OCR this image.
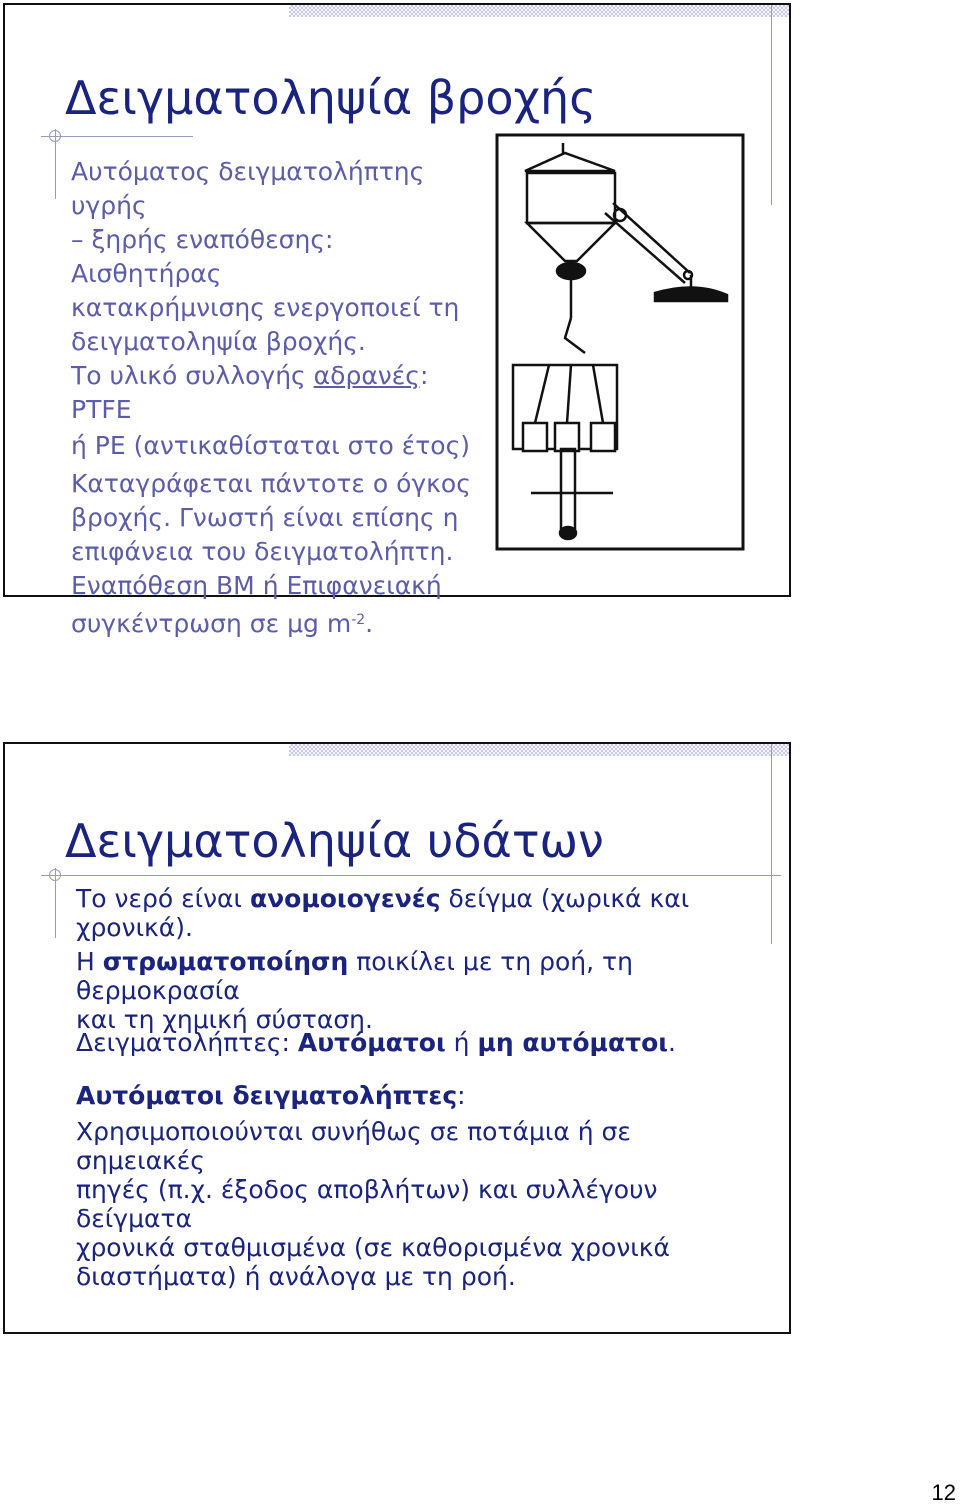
Δειγματοληψία βροχής
Αυτόματος δειγματολήπτης υγρής
– ξηρής εναπόθεσης: Αισθητήρας
κατακρήμνισης ενεργοποιεί τη
δειγματοληψία βροχής.
Το υλικό συλλογής αδρανές: PTFE
ή PE (αντικαθίσταται στο έτος)
Καταγράφεται πάντοτε ο όγκος
βροχής. Γνωστή είναι επίσης η
επιφάνεια του δειγματολήπτη.
Εναπόθεση ΒΜ ή Επιφανειακή
συγκέντρωση σε μg $m^{-2}$.
Δειγματοληψία υδάτων
Το νερό είναι ανομοιογενές δείγμα (χωρικά και
χρονικά).
Η στρωματοποίηση ποικίλει με τη ροή, τη θερμοκρασία
και τη χημική σύσταση.
Δειγματολήπτες: Αυτόματοι ή μη αυτόματοι.
Αυτόματοι δειγματολήπτες:
Χρησιμοποιούνται συνήθως σε ποτάμια ή σε σημειακές
πηγές (π.χ. έξοδος αποβλήτων) και συλλέγουν δείγματα
χρονικά σταθμισμένα (σε καθορισμένα χρονικά
διαστήματα) ή ανάλογα με τη ροή.
12
